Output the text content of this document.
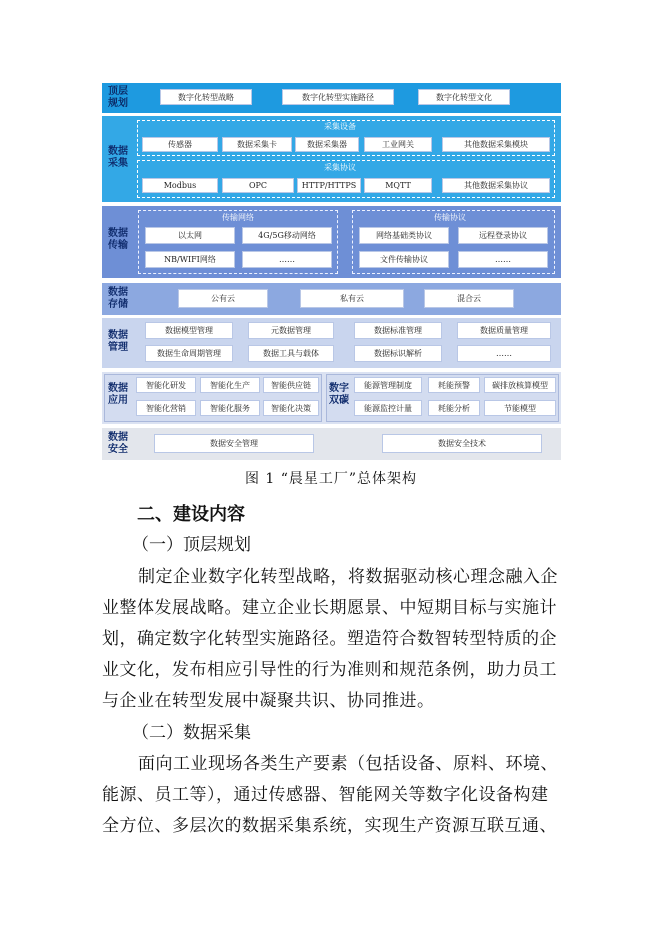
顶层
规划
数字化转型战略	数字化转型实施路径	数字化转型文化
数据
采集
采集设备
传感器	数据采集卡	数据采集器	工业网关	其他数据采集模块
采集协议
Modbus	OPC	HTTP/HTTPS	MQTT	其他数据采集协议
数据
传输
传输网络
以太网	4G/5G移动网络
NB/WIFI网络	……
传输协议
网络基础类协议	远程登录协议
文件传输协议	……
数据
存储
公有云	私有云	混合云
数据
管理
数据模型管理	元数据管理	数据标准管理	数据质量管理
数据生命周期管理	数据工具与载体	数据标识解析	……
数据
应用
智能化研发	智能化生产	智能供应链
智能化营销	智能化服务	智能化决策
数字
双碳
能源管理制度	耗能预警	碳排放核算模型
能源监控计量	耗能分析	节能模型
数据
安全
数据安全管理	数据安全技术
图 1 “晨星工厂”总体架构
二、建设内容
（一）顶层规划
制定企业数字化转型战略，将数据驱动核心理念融入企
业整体发展战略。建立企业长期愿景、中短期目标与实施计
划，确定数字化转型实施路径。塑造符合数智转型特质的企
业文化，发布相应引导性的行为准则和规范条例，助力员工
与企业在转型发展中凝聚共识、协同推进。
（二）数据采集
面向工业现场各类生产要素（包括设备、原料、环境、
能源、员工等），通过传感器、智能网关等数字化设备构建
全方位、多层次的数据采集系统，实现生产资源互联互通、
